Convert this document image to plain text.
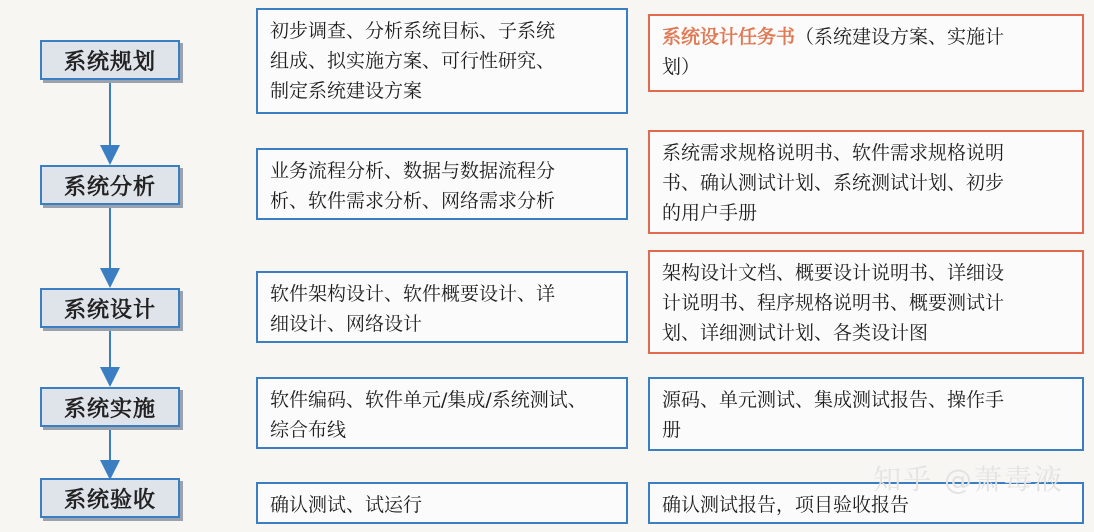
系统规划
系统分析
系统设计
系统实施
系统验收
初步调查、分析系统目标、子系统
组成、拟实施方案、可行性研究、
制定系统建设方案
业务流程分析、数据与数据流程分
析、软件需求分析、网络需求分析
软件架构设计、软件概要设计、详
细设计、网络设计
软件编码、软件单元/集成/系统测试、
综合布线
确认测试、试运行
系统设计任务书（系统建设方案、实施计
划）
系统需求规格说明书、软件需求规格说明
书、确认测试计划、系统测试计划、初步
的用户手册
架构设计文档、概要设计说明书、详细设
计说明书、程序规格说明书、概要测试计
划、详细测试计划、各类设计图
源码、单元测试、集成测试报告、操作手
册
确认测试报告，项目验收报告
知乎 @萧毒液
